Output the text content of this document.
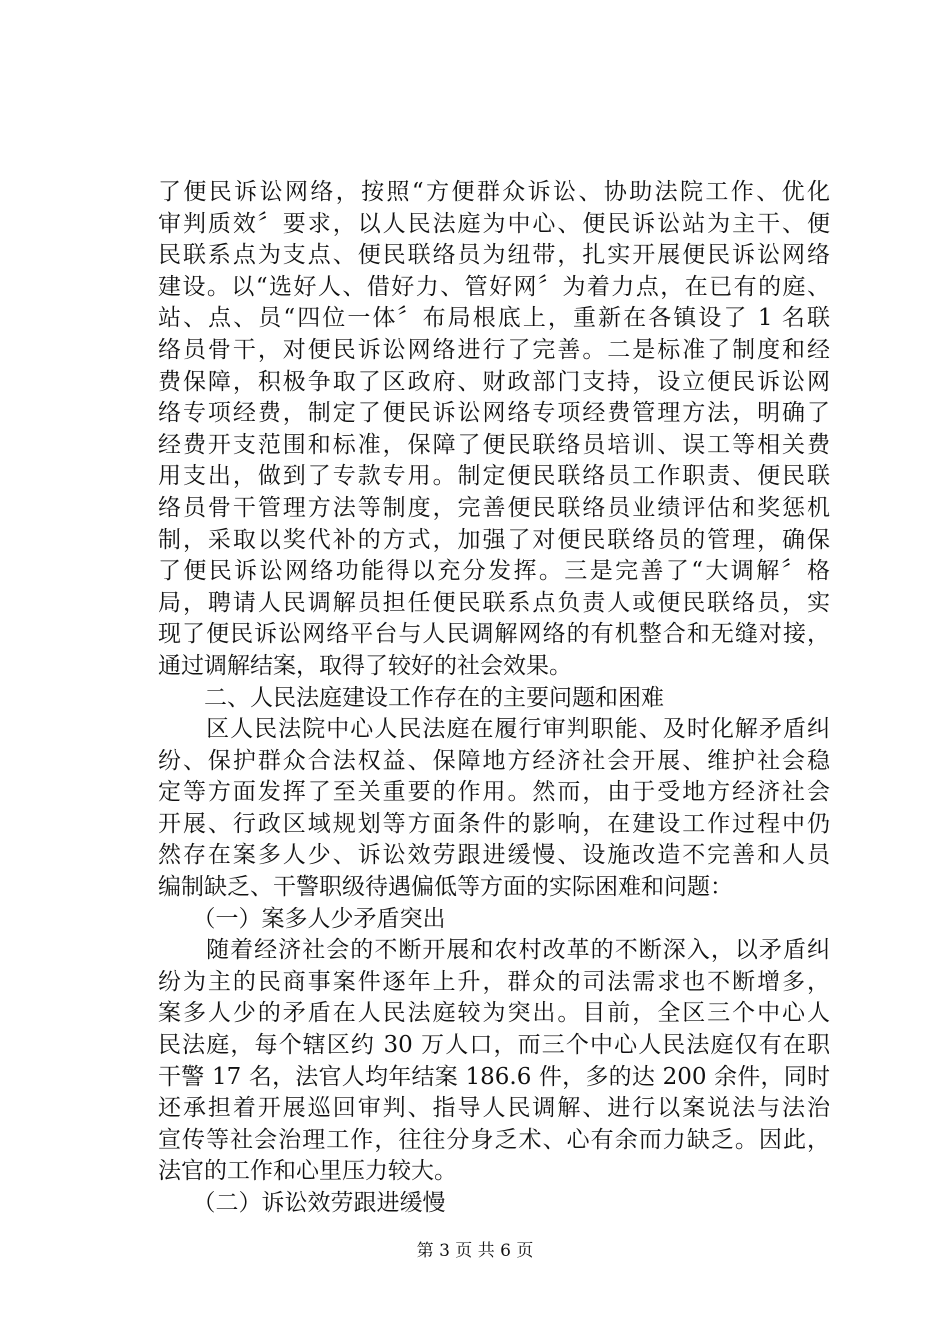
了便民诉讼网络，按照“方便群众诉讼、协助法院工作、优化
审判质效〞要求，以人民法庭为中心、便民诉讼站为主干、便
民联系点为支点、便民联络员为纽带，扎实开展便民诉讼网络
建设。以“选好人、借好力、管好网〞为着力点，在已有的庭、
站、点、员“四位一体〞布局根底上，重新在各镇设了 1 名联
络员骨干，对便民诉讼网络进行了完善。二是标准了制度和经
费保障，积极争取了区政府、财政部门支持，设立便民诉讼网
络专项经费，制定了便民诉讼网络专项经费管理方法，明确了
经费开支范围和标准，保障了便民联络员培训、误工等相关费
用支出，做到了专款专用。制定便民联络员工作职责、便民联
络员骨干管理方法等制度，完善便民联络员业绩评估和奖惩机
制，采取以奖代补的方式，加强了对便民联络员的管理，确保
了便民诉讼网络功能得以充分发挥。三是完善了“大调解〞格
局，聘请人民调解员担任便民联系点负责人或便民联络员，实
现了便民诉讼网络平台与人民调解网络的有机整合和无缝对接，
通过调解结案，取得了较好的社会效果。
　　二、人民法庭建设工作存在的主要问题和困难
　　区人民法院中心人民法庭在履行审判职能、及时化解矛盾纠
纷、保护群众合法权益、保障地方经济社会开展、维护社会稳
定等方面发挥了至关重要的作用。然而，由于受地方经济社会
开展、行政区域规划等方面条件的影响，在建设工作过程中仍
然存在案多人少、诉讼效劳跟进缓慢、设施改造不完善和人员
编制缺乏、干警职级待遇偏低等方面的实际困难和问题：
　　（一）案多人少矛盾突出
　　随着经济社会的不断开展和农村改革的不断深入，以矛盾纠
纷为主的民商事案件逐年上升，群众的司法需求也不断增多，
案多人少的矛盾在人民法庭较为突出。目前，全区三个中心人
民法庭，每个辖区约 30 万人口，而三个中心人民法庭仅有在职
干警 17 名，法官人均年结案 186.6 件，多的达 200 余件，同时
还承担着开展巡回审判、指导人民调解、进行以案说法与法治
宣传等社会治理工作，往往分身乏术、心有余而力缺乏。因此，
法官的工作和心里压力较大。
　　（二）诉讼效劳跟进缓慢
第 3 页 共 6 页
